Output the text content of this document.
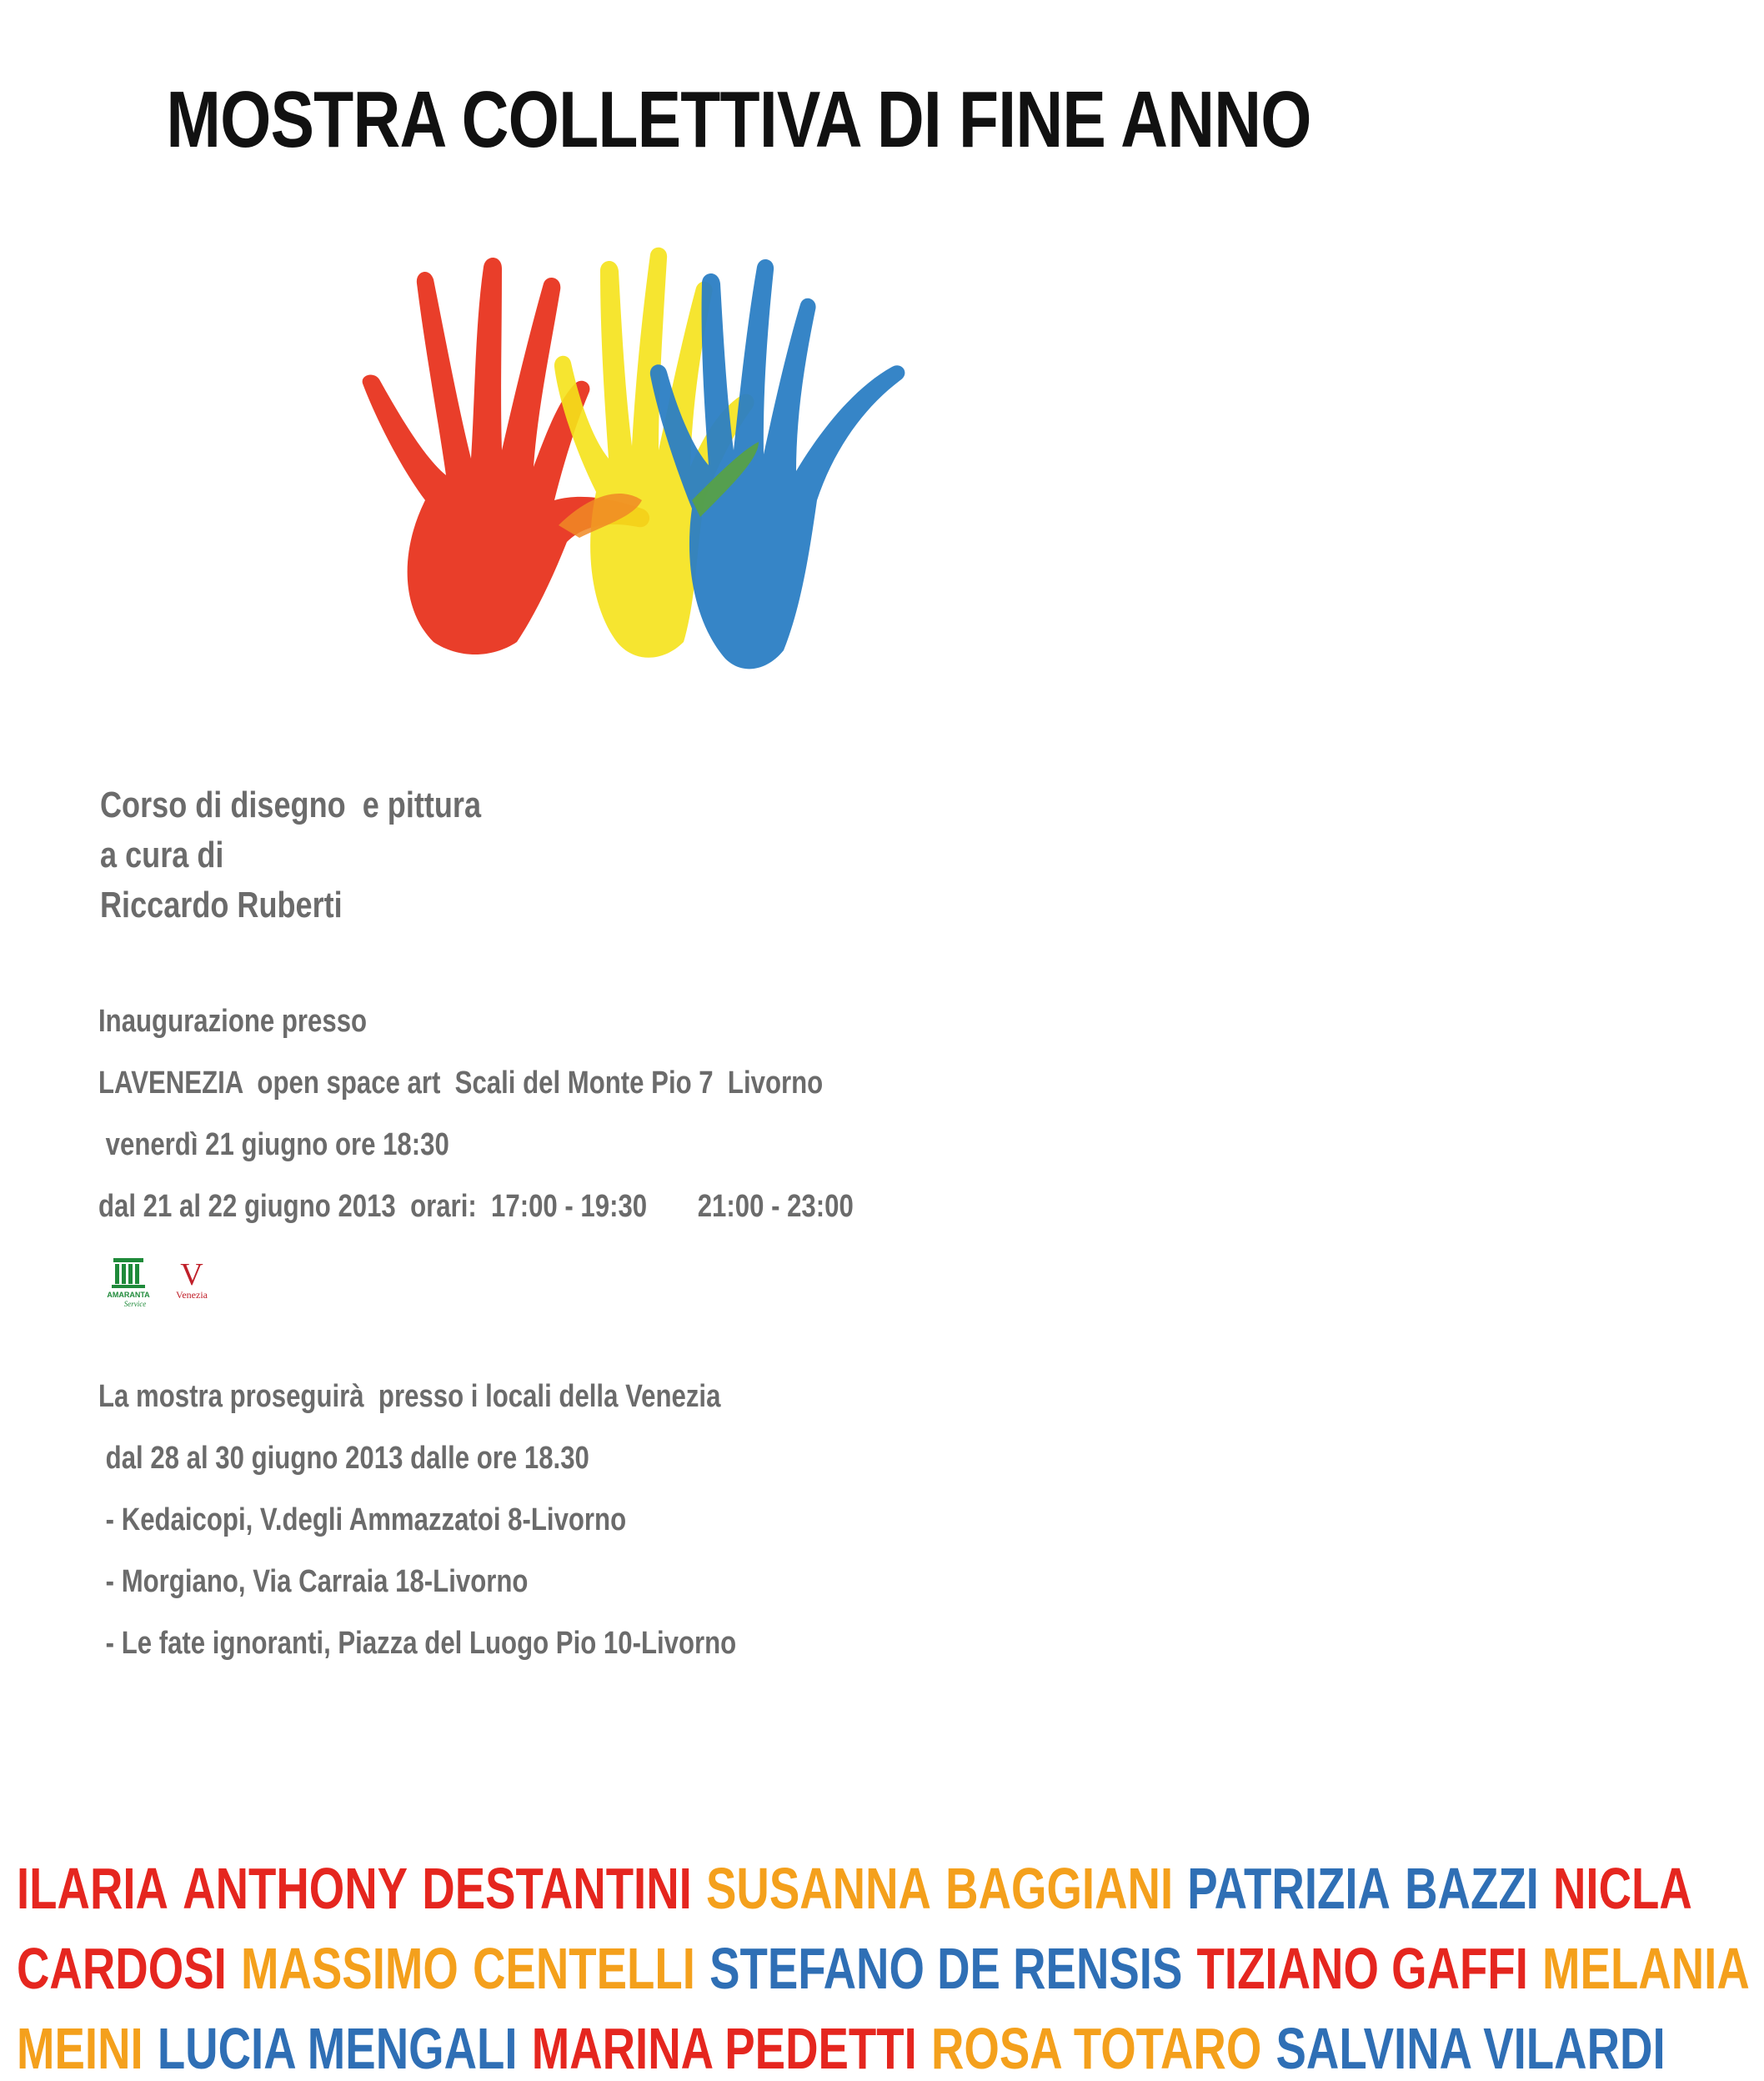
MOSTRA COLLETTIVA DI FINE ANNO
Corso di disegno  e pittura
a cura di
Riccardo Ruberti
Inaugurazione presso
LAVENEZIA  open space art  Scali del Monte Pio 7  Livorno
venerdì 21 giugno ore 18:30
dal 21 al 22 giugno 2013  orari:  17:00 - 19:30       21:00 - 23:00
AMARANTA
Service
V
Venezia
La mostra proseguirà  presso i locali della Venezia
dal 28 al 30 giugno 2013 dalle ore 18.30
- Kedaicopi, V.degli Ammazzatoi 8-Livorno
- Morgiano, Via Carraia 18-Livorno
- Le fate ignoranti, Piazza del Luogo Pio 10-Livorno
ILARIA ANTHONY DESTANTINI SUSANNA BAGGIANI PATRIZIA BAZZI NICLA
CARDOSI MASSIMO CENTELLI STEFANO DE RENSIS TIZIANO GAFFI MELANIA
MEINI LUCIA MENGALI MARINA PEDETTI ROSA TOTARO SALVINA VILARDI
